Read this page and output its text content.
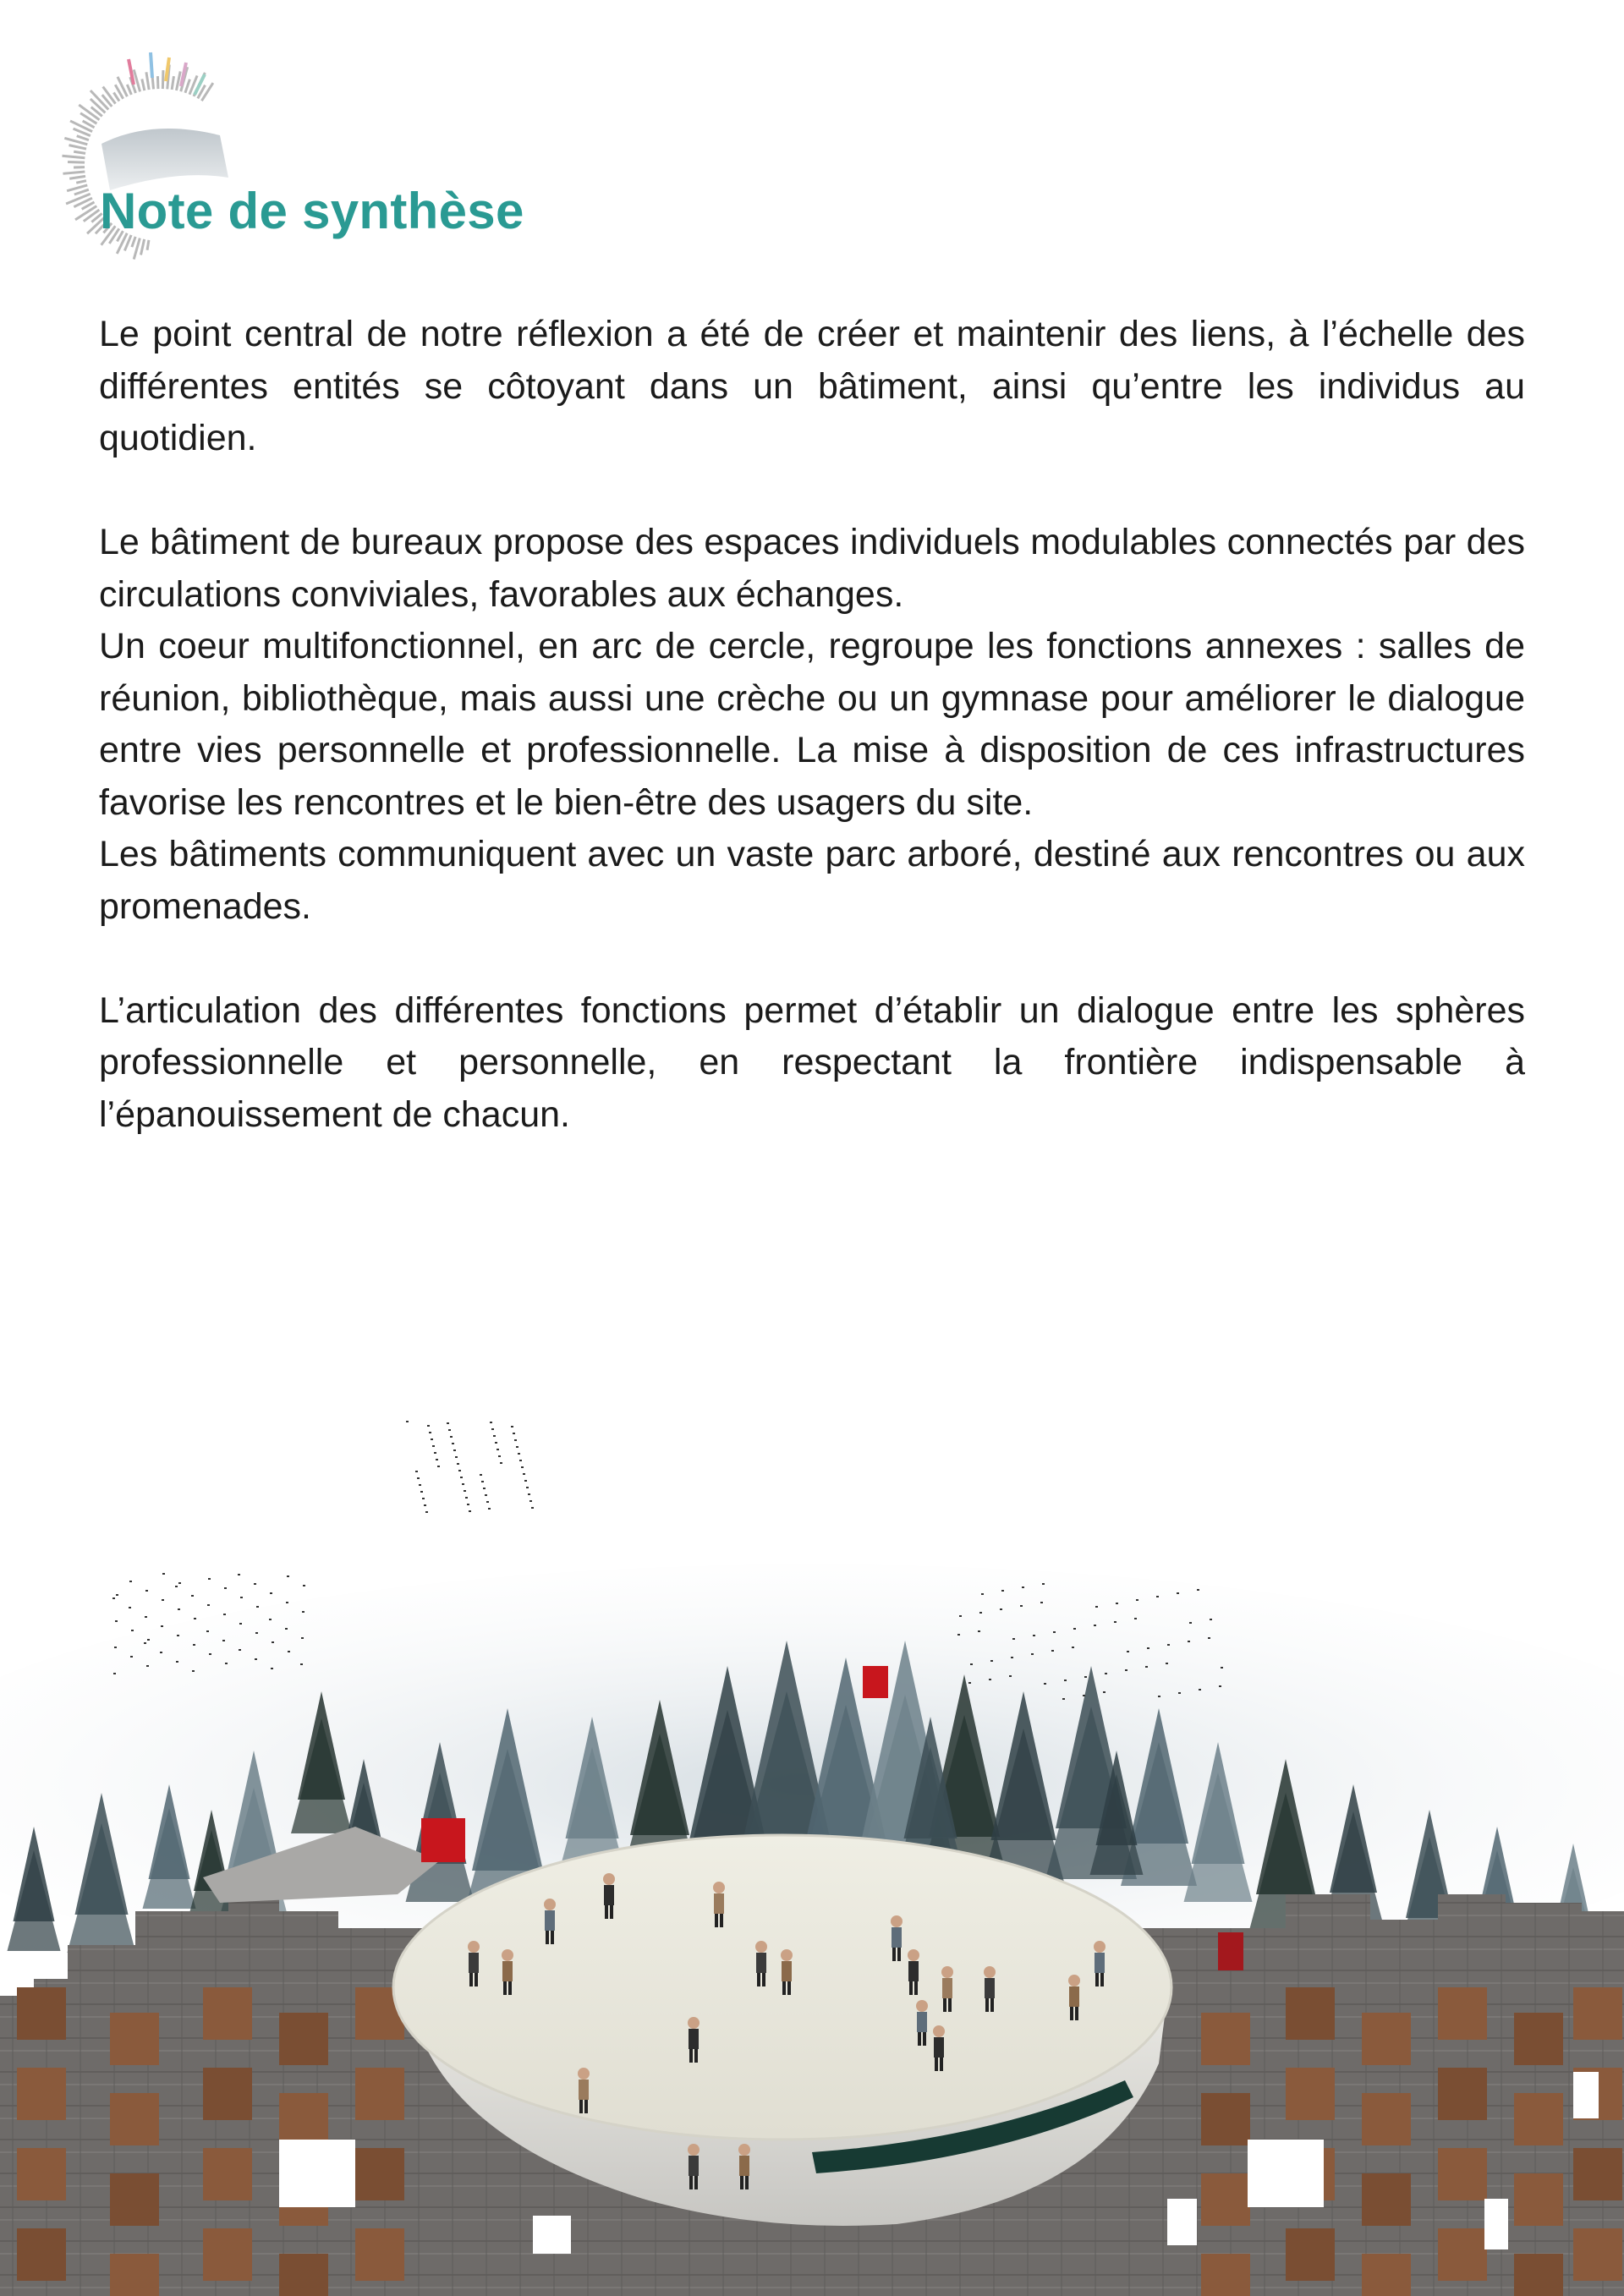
Note de synthèse

Le point central de notre réflexion a été de créer et maintenir des liens, à l’échelle des différentes entités se côtoyant dans un bâtiment, ainsi qu’entre les individus au quotidien.

Le bâtiment de bureaux propose des espaces individuels modulables connectés par des circulations conviviales, favorables aux échanges.

Un coeur multifonctionnel, en arc de cercle, regroupe les fonctions annexes : salles de réunion, bibliothèque, mais aussi une crèche ou un gymnase pour améliorer le dialogue entre vies personnelle et professionnelle. La mise à disposition de ces infrastructures favorise les rencontres et le bien-être des usagers du site.

Les bâtiments communiquent avec un vaste parc arboré, destiné aux rencontres ou aux promenades.

L’articulation des différentes fonctions permet d’établir un dialogue entre les sphères professionnelle et personnelle, en respectant la frontière indispensable à l’épanouissement de chacun.
